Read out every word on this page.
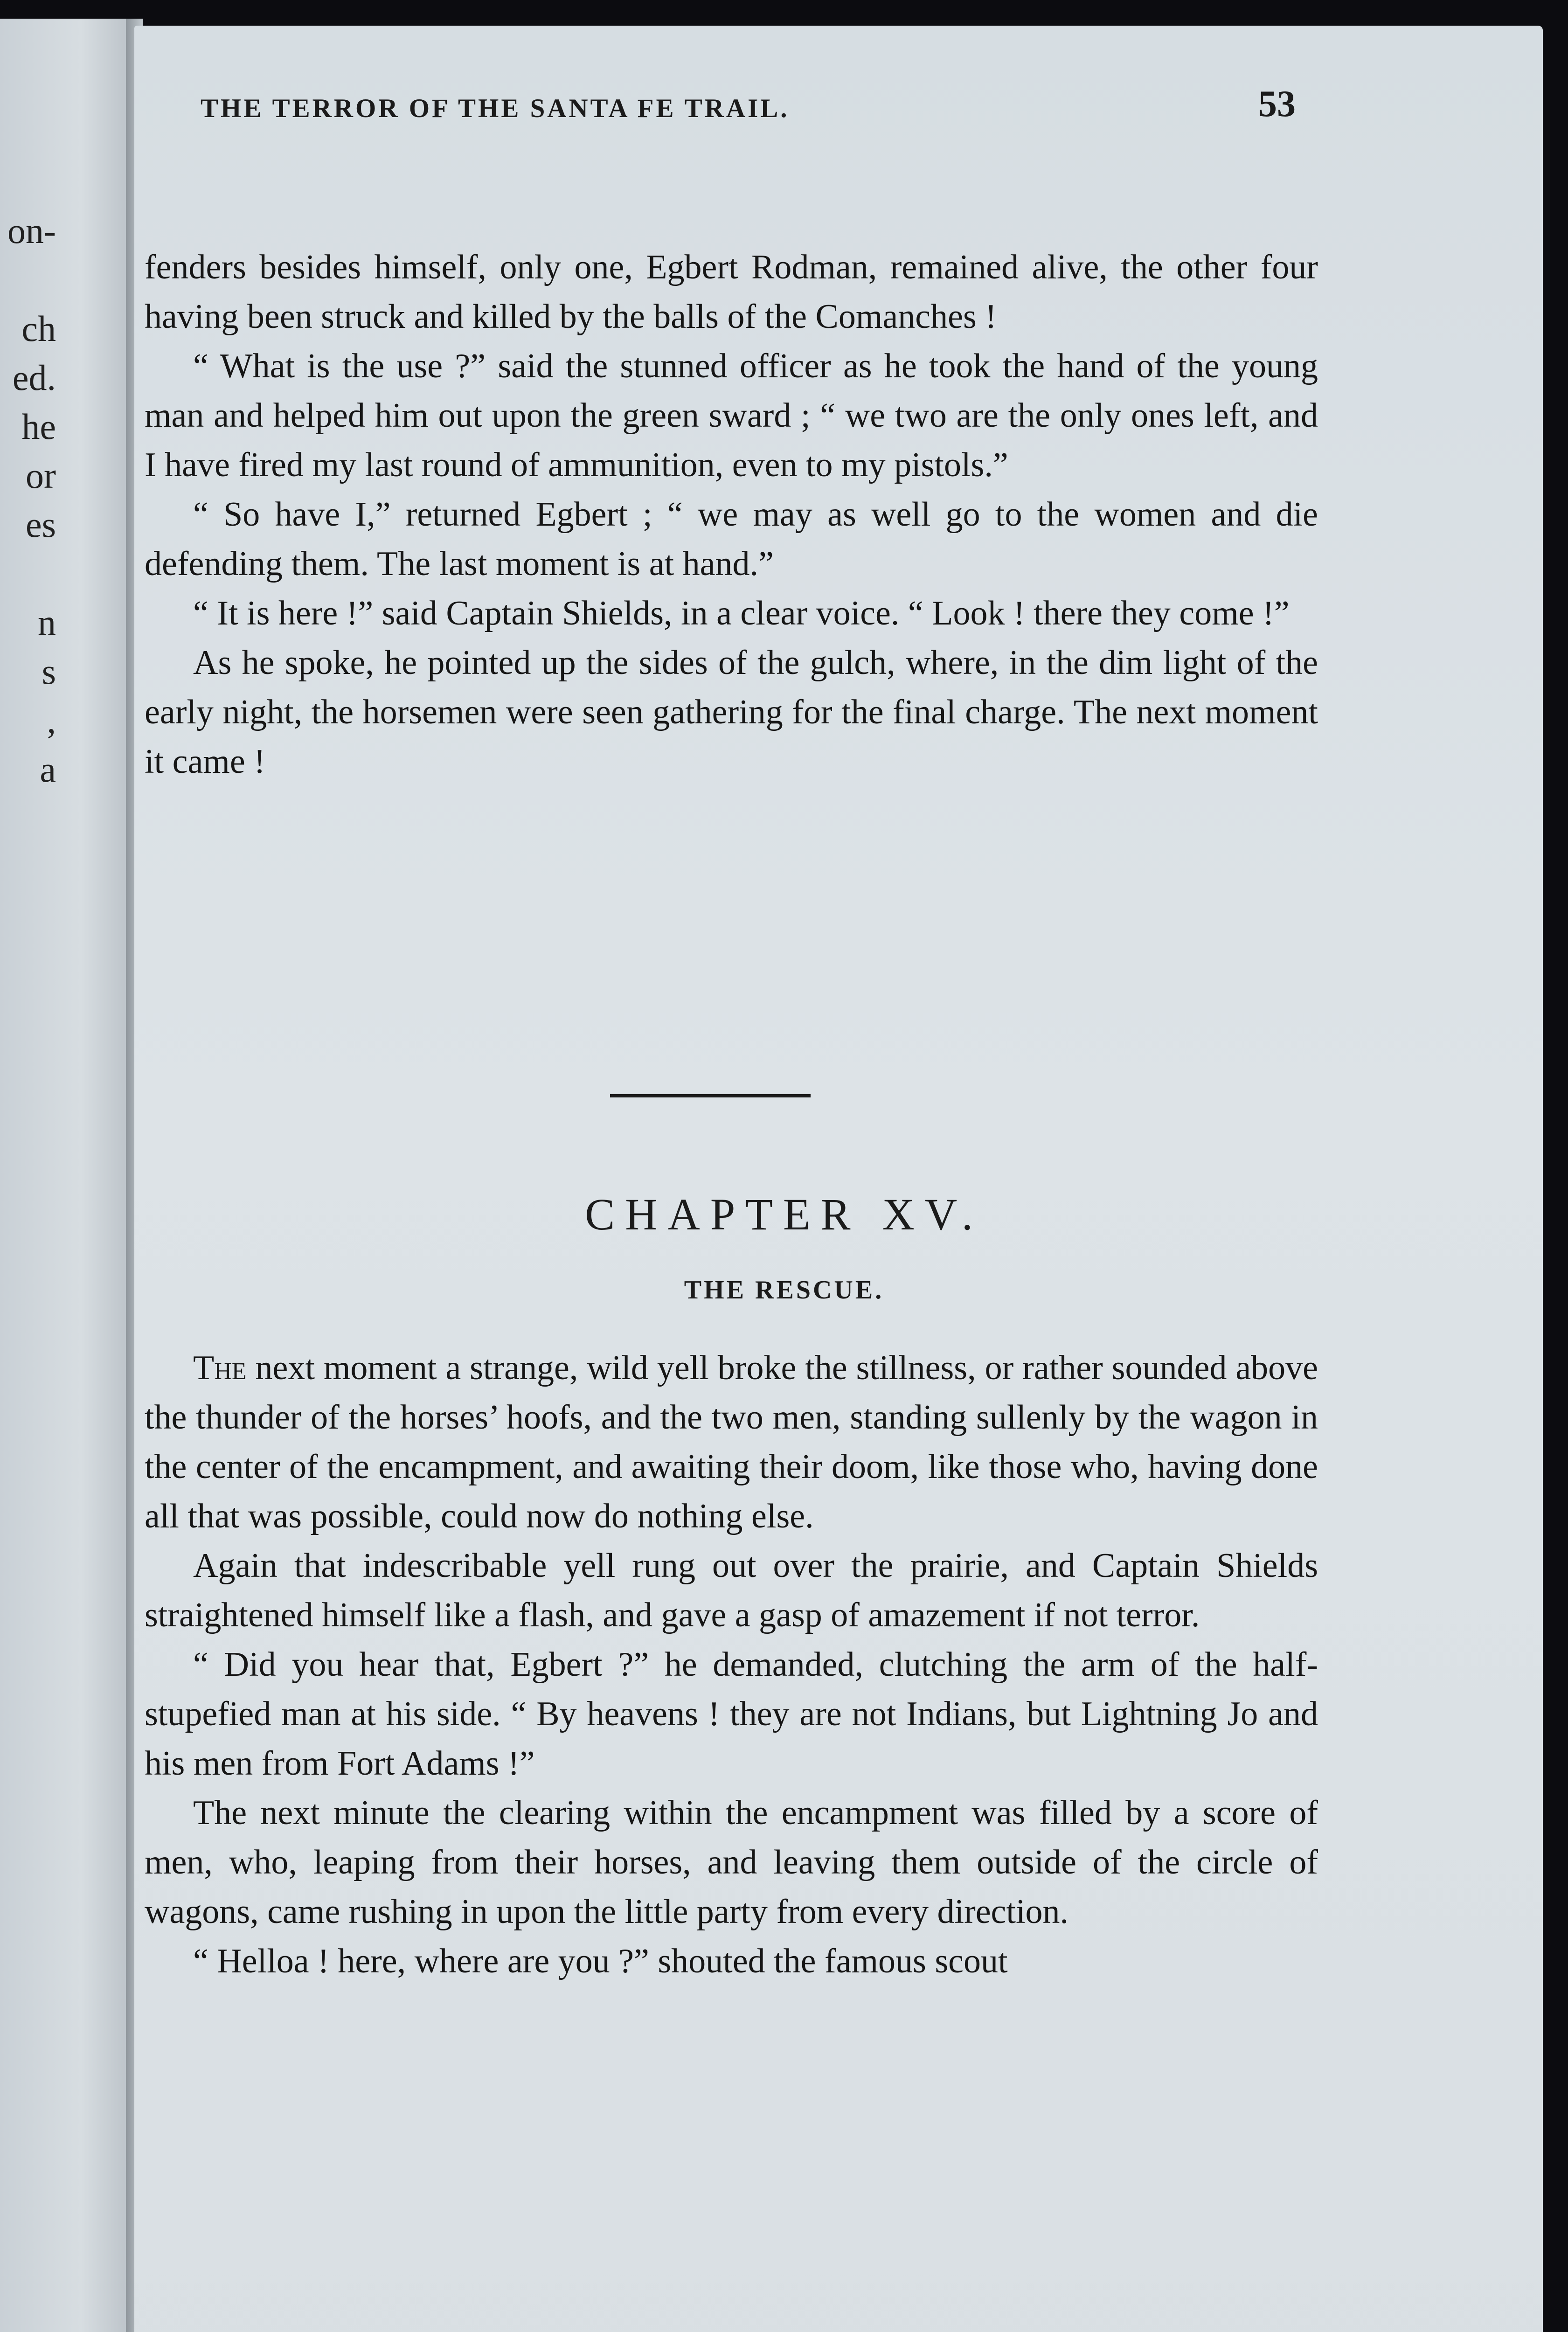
on-
ch
ed.
he
or
es
n
s
,
a
THE TERROR OF THE SANTA FE TRAIL.	53

fenders besides himself, only one, Egbert Rodman, remained alive, the other four having been struck and killed by the balls of the Comanches !

“ What is the use ?” said the stunned officer as he took the hand of the young man and helped him out upon the green sward ; “ we two are the only ones left, and I have fired my last round of ammunition, even to my pistols.”

“ So have I,” returned Egbert ; “ we may as well go to the women and die defending them. The last moment is at hand.”

“ It is here !” said Captain Shields, in a clear voice. “ Look ! there they come !”

As he spoke, he pointed up the sides of the gulch, where, in the dim light of the early night, the horsemen were seen gathering for the final charge. The next moment it came !

CHAPTER XV.
THE RESCUE.

The next moment a strange, wild yell broke the stillness, or rather sounded above the thunder of the horses’ hoofs, and the two men, standing sullenly by the wagon in the center of the encampment, and awaiting their doom, like those who, having done all that was possible, could now do nothing else.

Again that indescribable yell rung out over the prairie, and Captain Shields straightened himself like a flash, and gave a gasp of amazement if not terror.

“ Did you hear that, Egbert ?” he demanded, clutching the arm of the half-stupefied man at his side. “ By heavens ! they are not Indians, but Lightning Jo and his men from Fort Adams !”

The next minute the clearing within the encampment was filled by a score of men, who, leaping from their horses, and leaving them outside of the circle of wagons, came rushing in upon the little party from every direction.

“ Helloa ! here, where are you ?” shouted the famous scout
